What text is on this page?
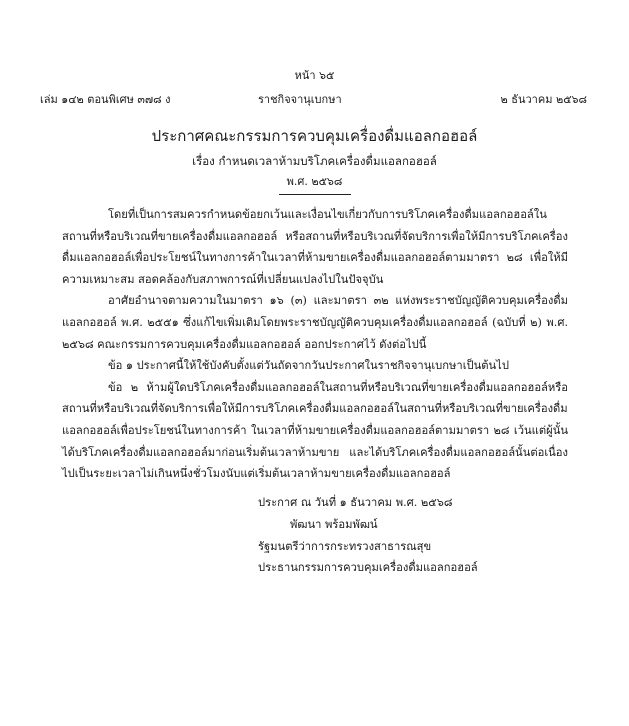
หน้า ๖๕
เล่ม ๑๔๒ ตอนพิเศษ ๓๗๘ ง	ราชกิจจานุเบกษา	๒ ธันวาคม ๒๕๖๘
ประกาศคณะกรรมการควบคุมเครื่องดื่มแอลกอฮอล์
เรื่อง กำหนดเวลาห้ามบริโภคเครื่องดื่มแอลกอฮอล์
พ.ศ. ๒๕๖๘

โดยที่เป็นการสมควรกำหนดข้อยกเว้นและเงื่อนไขเกี่ยวกับการบริโภคเครื่องดื่มแอลกอฮอล์ในสถานที่หรือบริเวณที่ขายเครื่องดื่มแอลกอฮอล์ หรือสถานที่หรือบริเวณที่จัดบริการเพื่อให้มีการบริโภคเครื่องดื่มแอลกอฮอล์เพื่อประโยชน์ในทางการค้าในเวลาที่ห้ามขายเครื่องดื่มแอลกอฮอล์ตามมาตรา ๒๘ เพื่อให้มีความเหมาะสม สอดคล้องกับสภาพการณ์ที่เปลี่ยนแปลงไปในปัจจุบัน

อาศัยอำนาจตามความในมาตรา ๑๖ (๓) และมาตรา ๓๒ แห่งพระราชบัญญัติควบคุมเครื่องดื่มแอลกอฮอล์ พ.ศ. ๒๕๕๑ ซึ่งแก้ไขเพิ่มเติมโดยพระราชบัญญัติควบคุมเครื่องดื่มแอลกอฮอล์ (ฉบับที่ ๒) พ.ศ. ๒๕๖๘ คณะกรรมการควบคุมเครื่องดื่มแอลกอฮอล์ ออกประกาศไว้ ดังต่อไปนี้

ข้อ ๑ ประกาศนี้ให้ใช้บังคับตั้งแต่วันถัดจากวันประกาศในราชกิจจานุเบกษาเป็นต้นไป

ข้อ ๒ ห้ามผู้ใดบริโภคเครื่องดื่มแอลกอฮอล์ในสถานที่หรือบริเวณที่ขายเครื่องดื่มแอลกอฮอล์หรือสถานที่หรือบริเวณที่จัดบริการเพื่อให้มีการบริโภคเครื่องดื่มแอลกอฮอล์ในสถานที่หรือบริเวณที่ขายเครื่องดื่มแอลกอฮอล์เพื่อประโยชน์ในทางการค้า ในเวลาที่ห้ามขายเครื่องดื่มแอลกอฮอล์ตามมาตรา ๒๘ เว้นแต่ผู้นั้นได้บริโภคเครื่องดื่มแอลกอฮอล์มาก่อนเริ่มต้นเวลาห้ามขาย และได้บริโภคเครื่องดื่มแอลกอฮอล์นั้นต่อเนื่องไปเป็นระยะเวลาไม่เกินหนึ่งชั่วโมงนับแต่เริ่มต้นเวลาห้ามขายเครื่องดื่มแอลกอฮอล์

ประกาศ ณ วันที่ ๑ ธันวาคม พ.ศ. ๒๕๖๘
พัฒนา พร้อมพัฒน์
รัฐมนตรีว่าการกระทรวงสาธารณสุข
ประธานกรรมการควบคุมเครื่องดื่มแอลกอฮอล์
